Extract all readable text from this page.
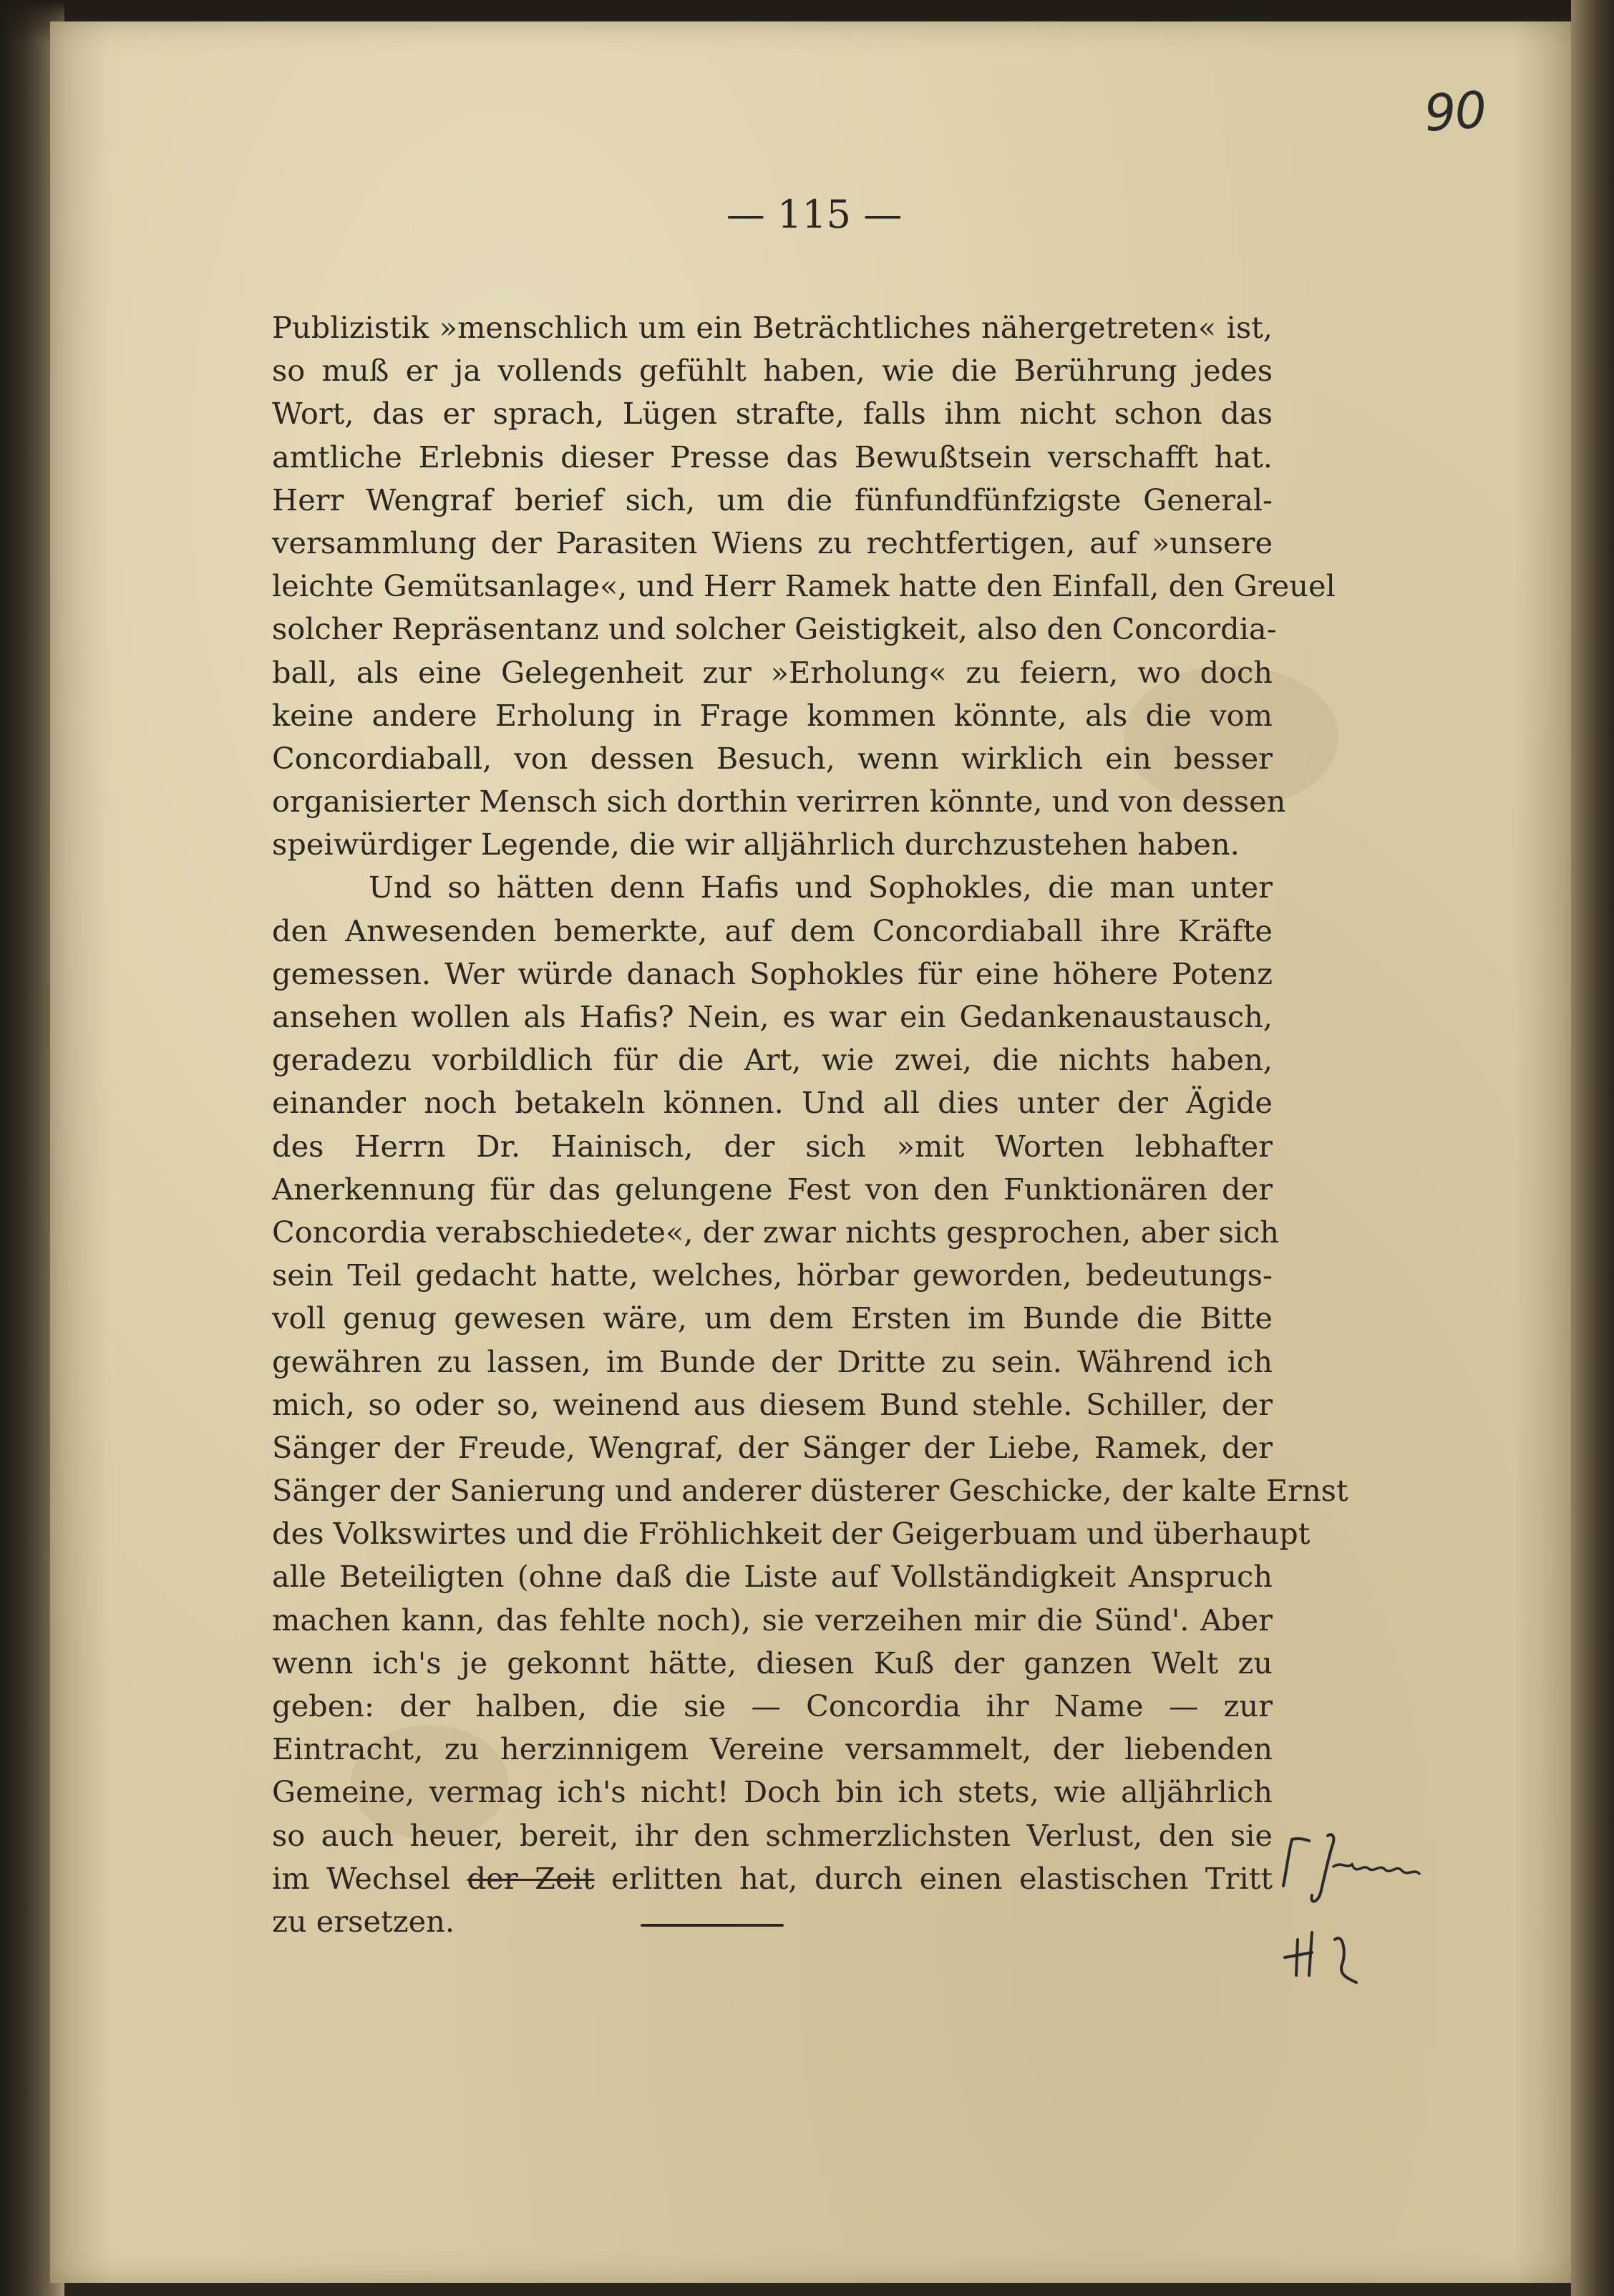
90
— 115 —
Publizistik »menschlich um ein Beträchtliches nähergetreten« ist,
so muß er ja vollends gefühlt haben, wie die Berührung jedes
Wort, das er sprach, Lügen strafte, falls ihm nicht schon das
amtliche Erlebnis dieser Presse das Bewußtsein verschafft hat.
Herr Wengraf berief sich, um die fünfundfünfzigste General-
versammlung der Parasiten Wiens zu rechtfertigen, auf »unsere
leichte Gemütsanlage«, und Herr Ramek hatte den Einfall, den Greuel
solcher Repräsentanz und solcher Geistigkeit, also den Concordia-
ball, als eine Gelegenheit zur »Erholung« zu feiern, wo doch
keine andere Erholung in Frage kommen könnte, als die vom
Concordiaball, von dessen Besuch, wenn wirklich ein besser
organisierter Mensch sich dorthin verirren könnte, und von dessen
speiwürdiger Legende, die wir alljährlich durchzustehen haben.
Und so hätten denn Hafis und Sophokles, die man unter
den Anwesenden bemerkte, auf dem Concordiaball ihre Kräfte
gemessen. Wer würde danach Sophokles für eine höhere Potenz
ansehen wollen als Hafis? Nein, es war ein Gedankenaustausch,
geradezu vorbildlich für die Art, wie zwei, die nichts haben,
einander noch betakeln können. Und all dies unter der Ägide
des Herrn Dr. Hainisch, der sich »mit Worten lebhafter
Anerkennung für das gelungene Fest von den Funktionären der
Concordia verabschiedete«, der zwar nichts gesprochen, aber sich
sein Teil gedacht hatte, welches, hörbar geworden, bedeutungs-
voll genug gewesen wäre, um dem Ersten im Bunde die Bitte
gewähren zu lassen, im Bunde der Dritte zu sein. Während ich
mich, so oder so, weinend aus diesem Bund stehle. Schiller, der
Sänger der Freude, Wengraf, der Sänger der Liebe, Ramek, der
Sänger der Sanierung und anderer düsterer Geschicke, der kalte Ernst
des Volkswirtes und die Fröhlichkeit der Geigerbuam und überhaupt
alle Beteiligten (ohne daß die Liste auf Vollständigkeit Anspruch
machen kann, das fehlte noch), sie verzeihen mir die Sünd'. Aber
wenn ich's je gekonnt hätte, diesen Kuß der ganzen Welt zu
geben: der halben, die sie — Concordia ihr Name — zur
Eintracht, zu herzinnigem Vereine versammelt, der liebenden
Gemeine, vermag ich's nicht! Doch bin ich stets, wie alljährlich
so auch heuer, bereit, ihr den schmerzlichsten Verlust, den sie
im Wechsel der Zeit erlitten hat, durch einen elastischen Tritt
zu ersetzen.
